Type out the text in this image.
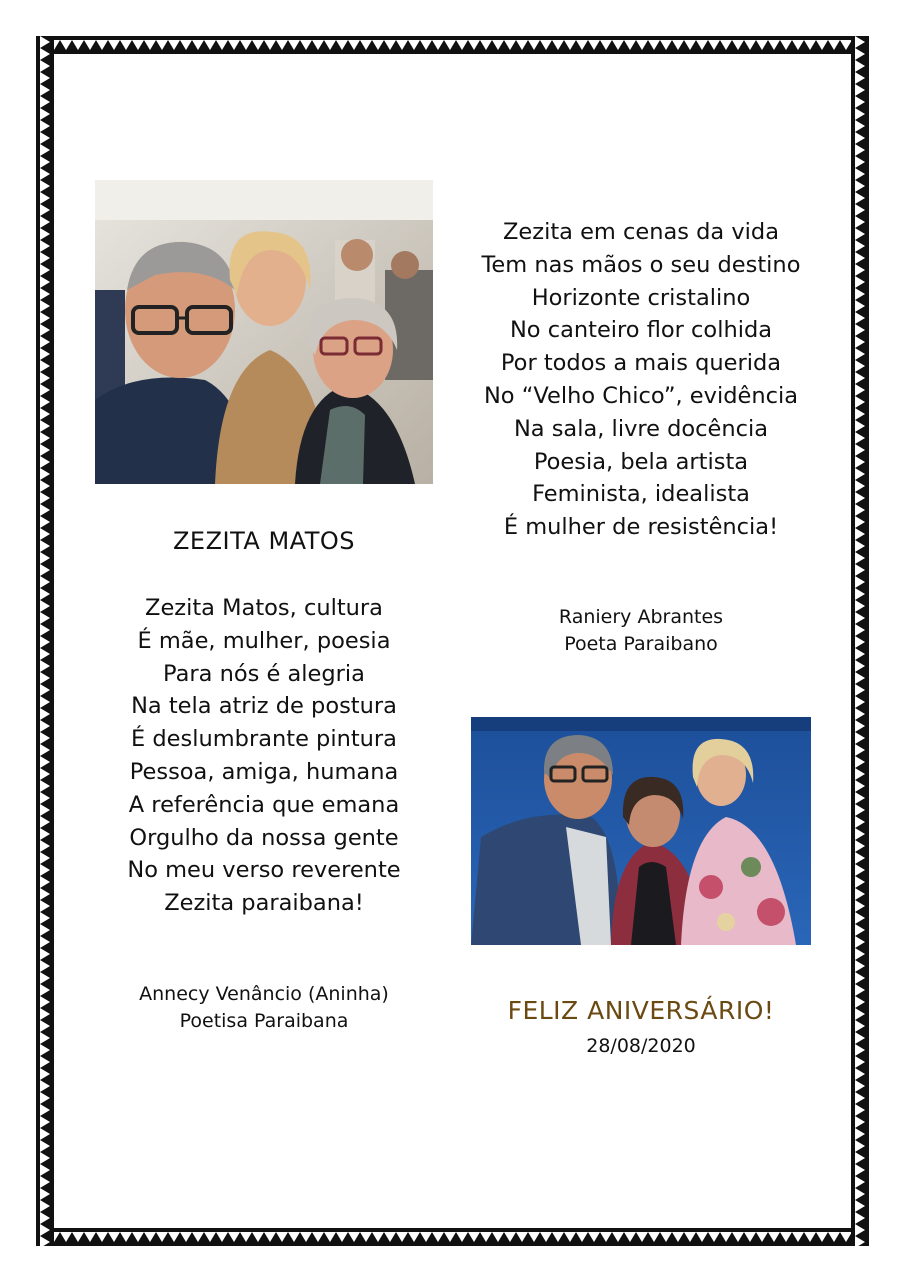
Zezita em cenas da vida
Tem nas mãos o seu destino
Horizonte cristalino
No canteiro flor colhida
Por todos a mais querida
No “Velho Chico”, evidência
Na sala, livre docência
Poesia, bela artista
Feminista, idealista
É mulher de resistência!
Raniery Abrantes
Poeta Paraibano
ZEZITA MATOS
Zezita Matos, cultura
É mãe, mulher, poesia
Para nós é alegria
Na tela atriz de postura
É deslumbrante pintura
Pessoa, amiga, humana
A referência que emana
Orgulho da nossa gente
No meu verso reverente
Zezita paraibana!
Annecy Venâncio (Aninha)
Poetisa Paraibana	FELIZ ANIVERSÁRIO!
28/08/2020
